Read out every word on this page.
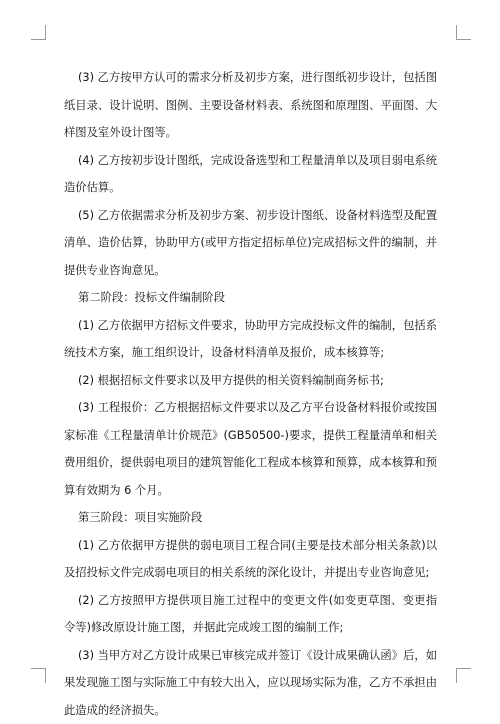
(3) 乙方按甲方认可的需求分析及初步方案，进行图纸初步设计，包括图纸目录、设计说明、图例、主要设备材料表、系统图和原理图、平面图、大样图及室外设计图等。

(4) 乙方按初步设计图纸，完成设备选型和工程量清单以及项目弱电系统造价估算。

(5) 乙方依据需求分析及初步方案、初步设计图纸、设备材料选型及配置清单、造价估算，协助甲方(或甲方指定招标单位)完成招标文件的编制，并提供专业咨询意见。

第二阶段：投标文件编制阶段

(1) 乙方依据甲方招标文件要求，协助甲方完成投标文件的编制，包括系统技术方案，施工组织设计，设备材料清单及报价，成本核算等;

(2) 根据招标文件要求以及甲方提供的相关资料编制商务标书;

(3) 工程报价：乙方根据招标文件要求以及乙方平台设备材料报价或按国家标准《工程量清单计价规范》(GB50500-)要求，提供工程量清单和相关费用组价，提供弱电项目的建筑智能化工程成本核算和预算，成本核算和预算有效期为 6 个月。

第三阶段：项目实施阶段

(1) 乙方依据甲方提供的弱电项目工程合同(主要是技术部分相关条款)以及招投标文件完成弱电项目的相关系统的深化设计，并提出专业咨询意见;

(2) 乙方按照甲方提供项目施工过程中的变更文件(如变更草图、变更指令等)修改原设计施工图，并据此完成竣工图的编制工作;

(3) 当甲方对乙方设计成果已审核完成并签订《设计成果确认函》后，如果发现施工图与实际施工中有较大出入，应以现场实际为准，乙方不承担由此造成的经济损失。
